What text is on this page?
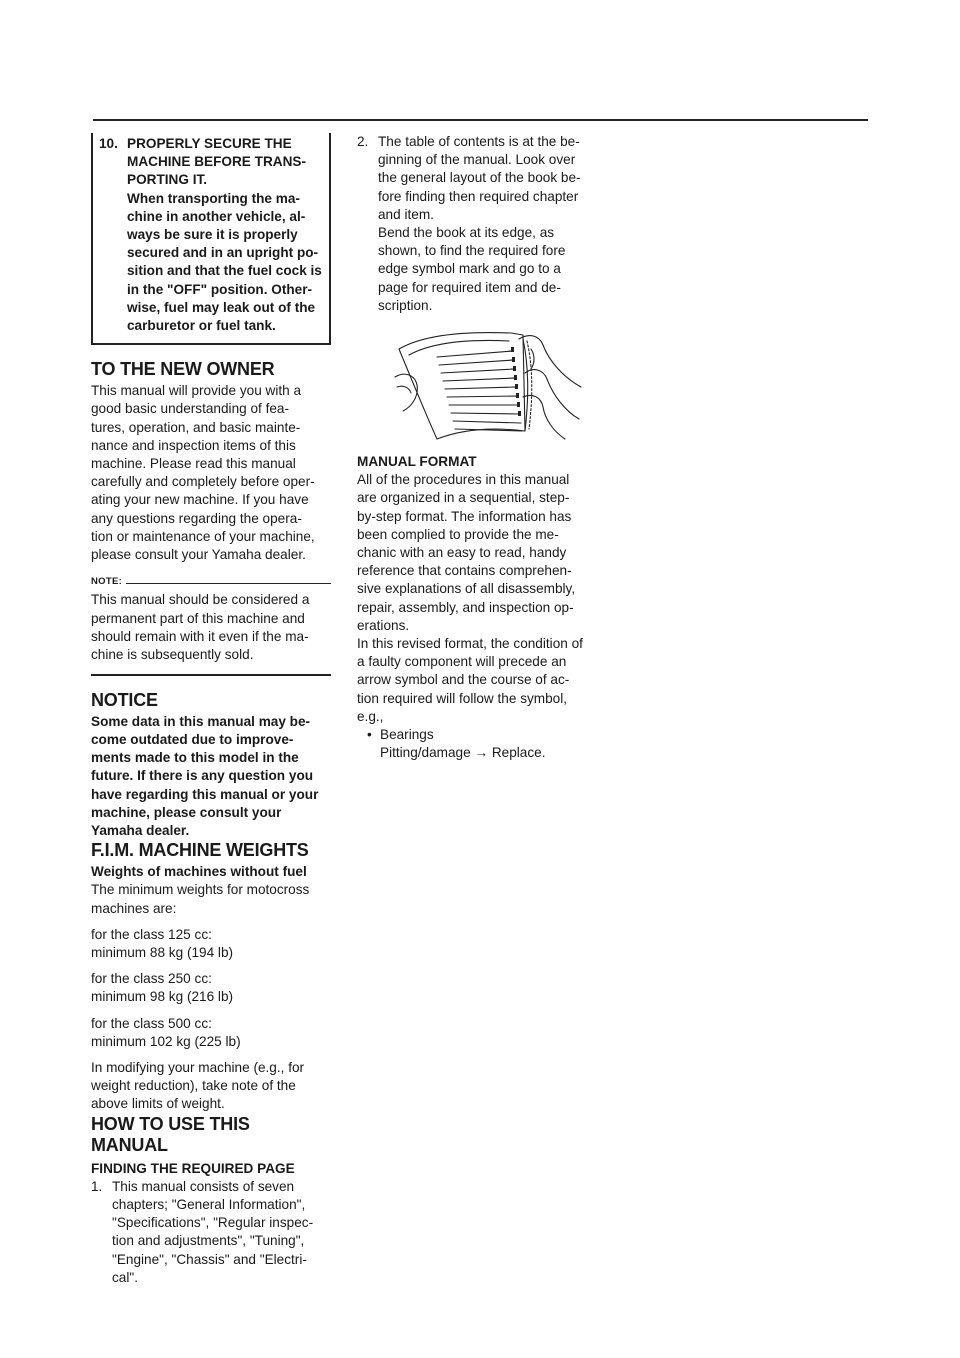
10. PROPERLY SECURE THE

MACHINE BEFORE TRANS-

PORTING IT.

When transporting the ma-

chine in another vehicle, al-

ways be sure it is properly

secured and in an upright po-

sition and that the fuel cock is

in the "OFF" position. Other-

wise, fuel may leak out of the

carburetor or fuel tank.

TO THE NEW OWNER

This manual will provide you with a

good basic understanding of fea-

tures, operation, and basic mainte-

nance and inspection items of this

machine. Please read this manual

carefully and completely before oper-

ating your new machine. If you have

any questions regarding the opera-

tion or maintenance of your machine,

please consult your Yamaha dealer.

NOTE:

This manual should be considered a

permanent part of this machine and

should remain with it even if the ma-

chine is subsequently sold.

NOTICE

Some data in this manual may be-

come outdated due to improve-

ments made to this model in the

future. If there is any question you

have regarding this manual or your

machine, please consult your

Yamaha dealer.

F.I.M. MACHINE WEIGHTS

Weights of machines without fuel

The minimum weights for motocross

machines are:

for the class 125 cc:

minimum 88 kg (194 lb)

for the class 250 cc:

minimum 98 kg (216 lb)

for the class 500 cc:

minimum 102 kg (225 lb)

In modifying your machine (e.g., for

weight reduction), take note of the

above limits of weight.

HOW TO USE THIS MANUAL

FINDING THE REQUIRED PAGE

1. This manual consists of seven

chapters; "General Information",

"Specifications", "Regular inspec-

tion and adjustments", "Tuning",

"Engine", "Chassis" and "Electri-

cal".

2. The table of contents is at the be-

ginning of the manual. Look over

the general layout of the book be-

fore finding then required chapter

and item.

Bend the book at its edge, as

shown, to find the required fore

edge symbol mark and go to a

page for required item and de-

scription.

MANUAL FORMAT

All of the procedures in this manual

are organized in a sequential, step-

by-step format. The information has

been complied to provide the me-

chanic with an easy to read, handy

reference that contains comprehen-

sive explanations of all disassembly,

repair, assembly, and inspection op-

erations.

In this revised format, the condition of

a faulty component will precede an

arrow symbol and the course of ac-

tion required will follow the symbol,

e.g.,

• Bearings

Pitting/damage → Replace.
